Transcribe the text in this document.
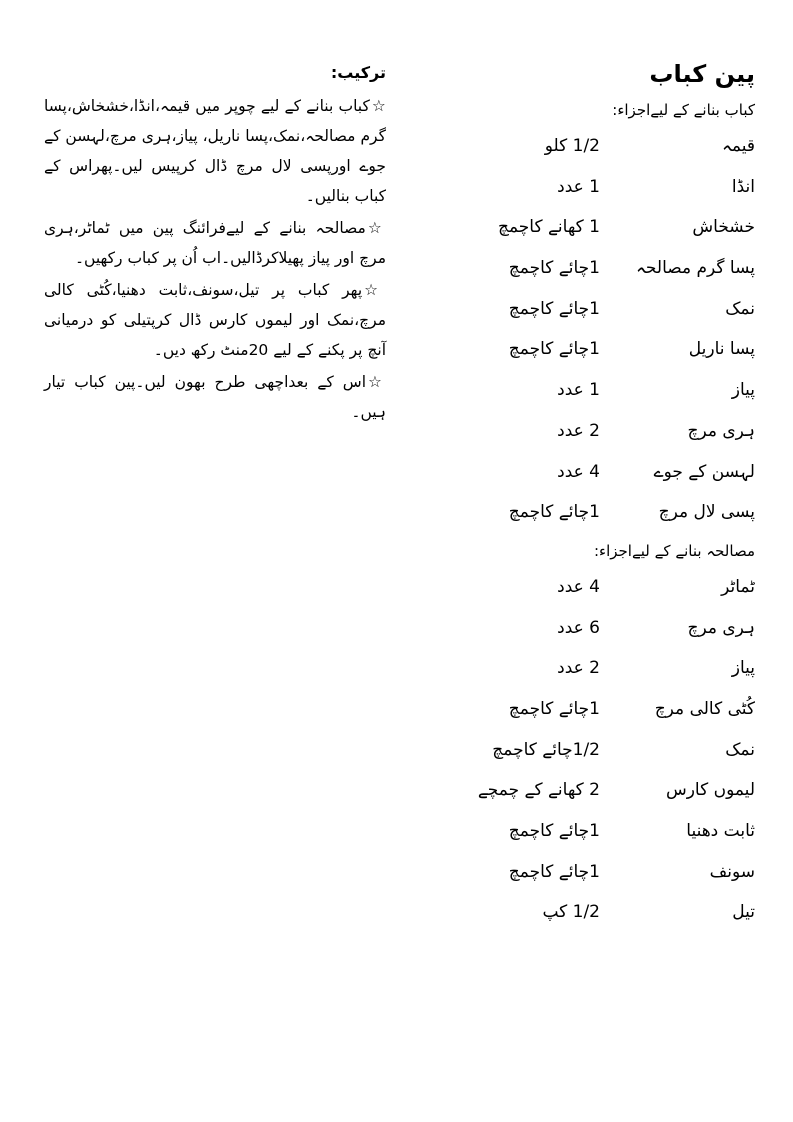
پین کباب
کباب بنانے کے لیےاجزاء:
قیمہ
1/2 کلو
انڈا
1 عدد
خشخاش
1 کھانے کاچمچ
پسا گرم مصالحہ
1چائے کاچمچ
نمک
1چائے کاچمچ
پسا ناریل
1چائے کاچمچ
پیاز
1 عدد
ہری مرچ
2 عدد
لہسن کے جوے
4 عدد
پسی لال مرچ
1چائے کاچمچ
مصالحہ بنانے کے لیےاجزاء:
ٹماٹر
4 عدد
ہری مرچ
6 عدد
پیاز
2 عدد
کُٹی کالی مرچ
1چائے کاچمچ
نمک
1/2چائے کاچمچ
لیموں کارس
2 کھانے کے چمچے
ثابت دھنیا
1چائے کاچمچ
سونف
1چائے کاچمچ
تیل
1/2 کپ
ترکیب:
☆کباب بنانے کے لیے چوپر میں قیمہ،انڈا،خشخاش،پسا گرم مصالحہ،نمک،پسا ناریل، پیاز،ہری مرچ،لہسن کے جوے اورپسی لال مرچ ڈال کرپیس لیں۔پھراس کے کباب بنالیں۔
☆مصالحہ بنانے کے لیےفرائنگ پین میں ٹماٹر،ہری مرچ اور پیاز پھیلاکرڈالیں۔اب اُن پر کباب رکھیں۔
☆پھر کباب پر تیل،سونف،ثابت دھنیا،کُٹی کالی مرچ،نمک اور لیموں کارس ڈال کرپتیلی کو درمیانی آنچ پر پکنے کے لیے 20منٹ رکھ دیں۔
☆اس کے بعداچھی طرح بھون لیں۔پین کباب تیار ہیں۔
